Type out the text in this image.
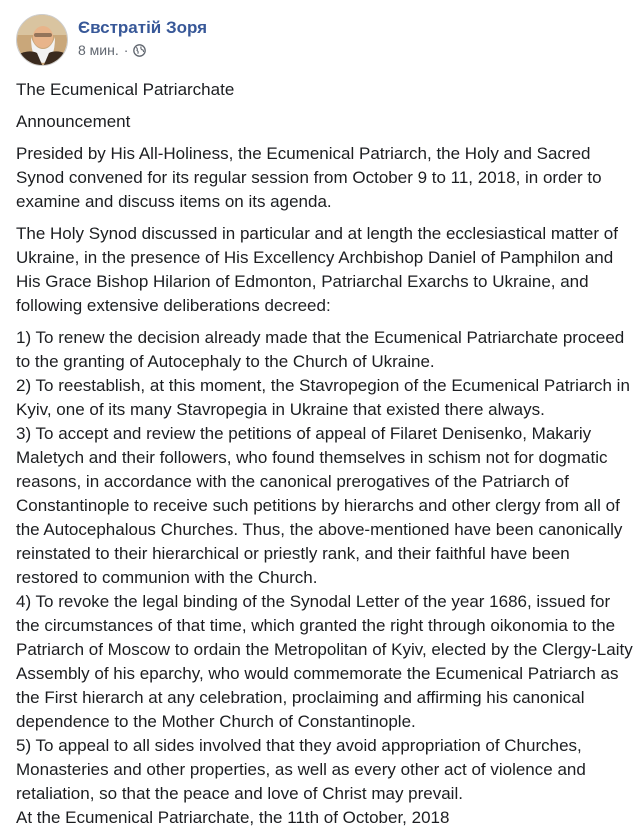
Євстратій Зоря
8 мин. ·

The Ecumenical Patriarchate

Announcement

Presided by His All-Holiness, the Ecumenical Patriarch, the Holy and Sacred Synod convened for its regular session from October 9 to 11, 2018, in order to examine and discuss items on its agenda.

The Holy Synod discussed in particular and at length the ecclesiastical matter of Ukraine, in the presence of His Excellency Archbishop Daniel of Pamphilon and His Grace Bishop Hilarion of Edmonton, Patriarchal Exarchs to Ukraine, and following extensive deliberations decreed:

1) To renew the decision already made that the Ecumenical Patriarchate proceed to the granting of Autocephaly to the Church of Ukraine.

2) To reestablish, at this moment, the Stavropegion of the Ecumenical Patriarch in Kyiv, one of its many Stavropegia in Ukraine that existed there always.

3) To accept and review the petitions of appeal of Filaret Denisenko, Makariy Maletych and their followers, who found themselves in schism not for dogmatic reasons, in accordance with the canonical prerogatives of the Patriarch of Constantinople to receive such petitions by hierarchs and other clergy from all of the Autocephalous Churches. Thus, the above-mentioned have been canonically reinstated to their hierarchical or priestly rank, and their faithful have been restored to communion with the Church.

4) To revoke the legal binding of the Synodal Letter of the year 1686, issued for the circumstances of that time, which granted the right through oikonomia to the Patriarch of Moscow to ordain the Metropolitan of Kyiv, elected by the Clergy-Laity Assembly of his eparchy, who would commemorate the Ecumenical Patriarch as the First hierarch at any celebration, proclaiming and affirming his canonical dependence to the Mother Church of Constantinople.

5) To appeal to all sides involved that they avoid appropriation of Churches, Monasteries and other properties, as well as every other act of violence and retaliation, so that the peace and love of Christ may prevail.

At the Ecumenical Patriarchate, the 11th of October, 2018
